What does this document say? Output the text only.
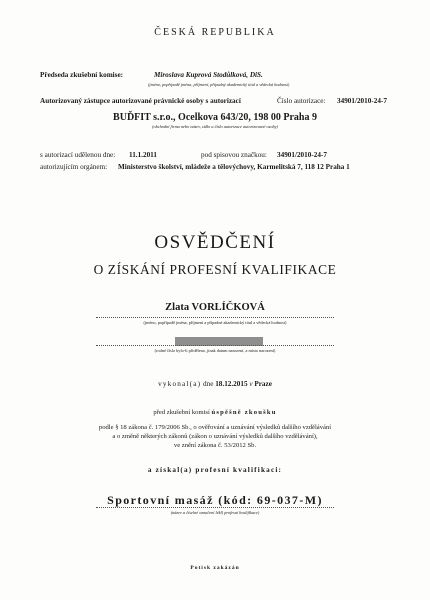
ČESKÁ REPUBLIKA
Předseda zkušební komise:	Miroslava Kuprová Stodůlková, DiS.
(jméno, popřípadě jména, příjmení, případný akademický titul a vědecká hodnost)
Autorizovaný zástupce autorizované právnické osoby s autorizací	Číslo autorizace: 34901/2010-24-7
BUĎFIT s.r.o., Ocelkova 643/20, 198 00 Praha 9
(obchodní firma nebo název, sídlo a číslo autorizace autorizované osoby)
s autorizací udělenou dne: 11.1.2011	pod spisovou značkou: 34901/2010-24-7
autorizujícím orgánem: Ministerstvo školství, mládeže a tělovýchovy, Karmelitská 7, 118 12 Praha 1
OSVĚDČENÍ
O ZÍSKÁNÍ PROFESNÍ KVALIFIKACE
Zlata VORLÍČKOVÁ
(jméno, popřípadě jména, příjmení a případné akademický titul a vědecká hodnost)
(rodné číslo bylo-li přiděleno, jinak datum narození, a místo narození)
vykonal(a) dne 18.12.2015 v Praze
před zkušební komisí úspěšně zkoušku
podle § 18 zákona č. 179/2006 Sb., o ověřování a uznávání výsledků dalšího vzdělávání
a o změně některých zákonů (zákon o uznávání výsledků dalšího vzdělávání),
ve znění zákona č. 53/2012 Sb.
a získal(a) profesní kvalifikaci:
Sportovní masáž (kód: 69-037-M)
(název a číselné označení lékl) profesní kvalifikace)
Potisk zakázán
